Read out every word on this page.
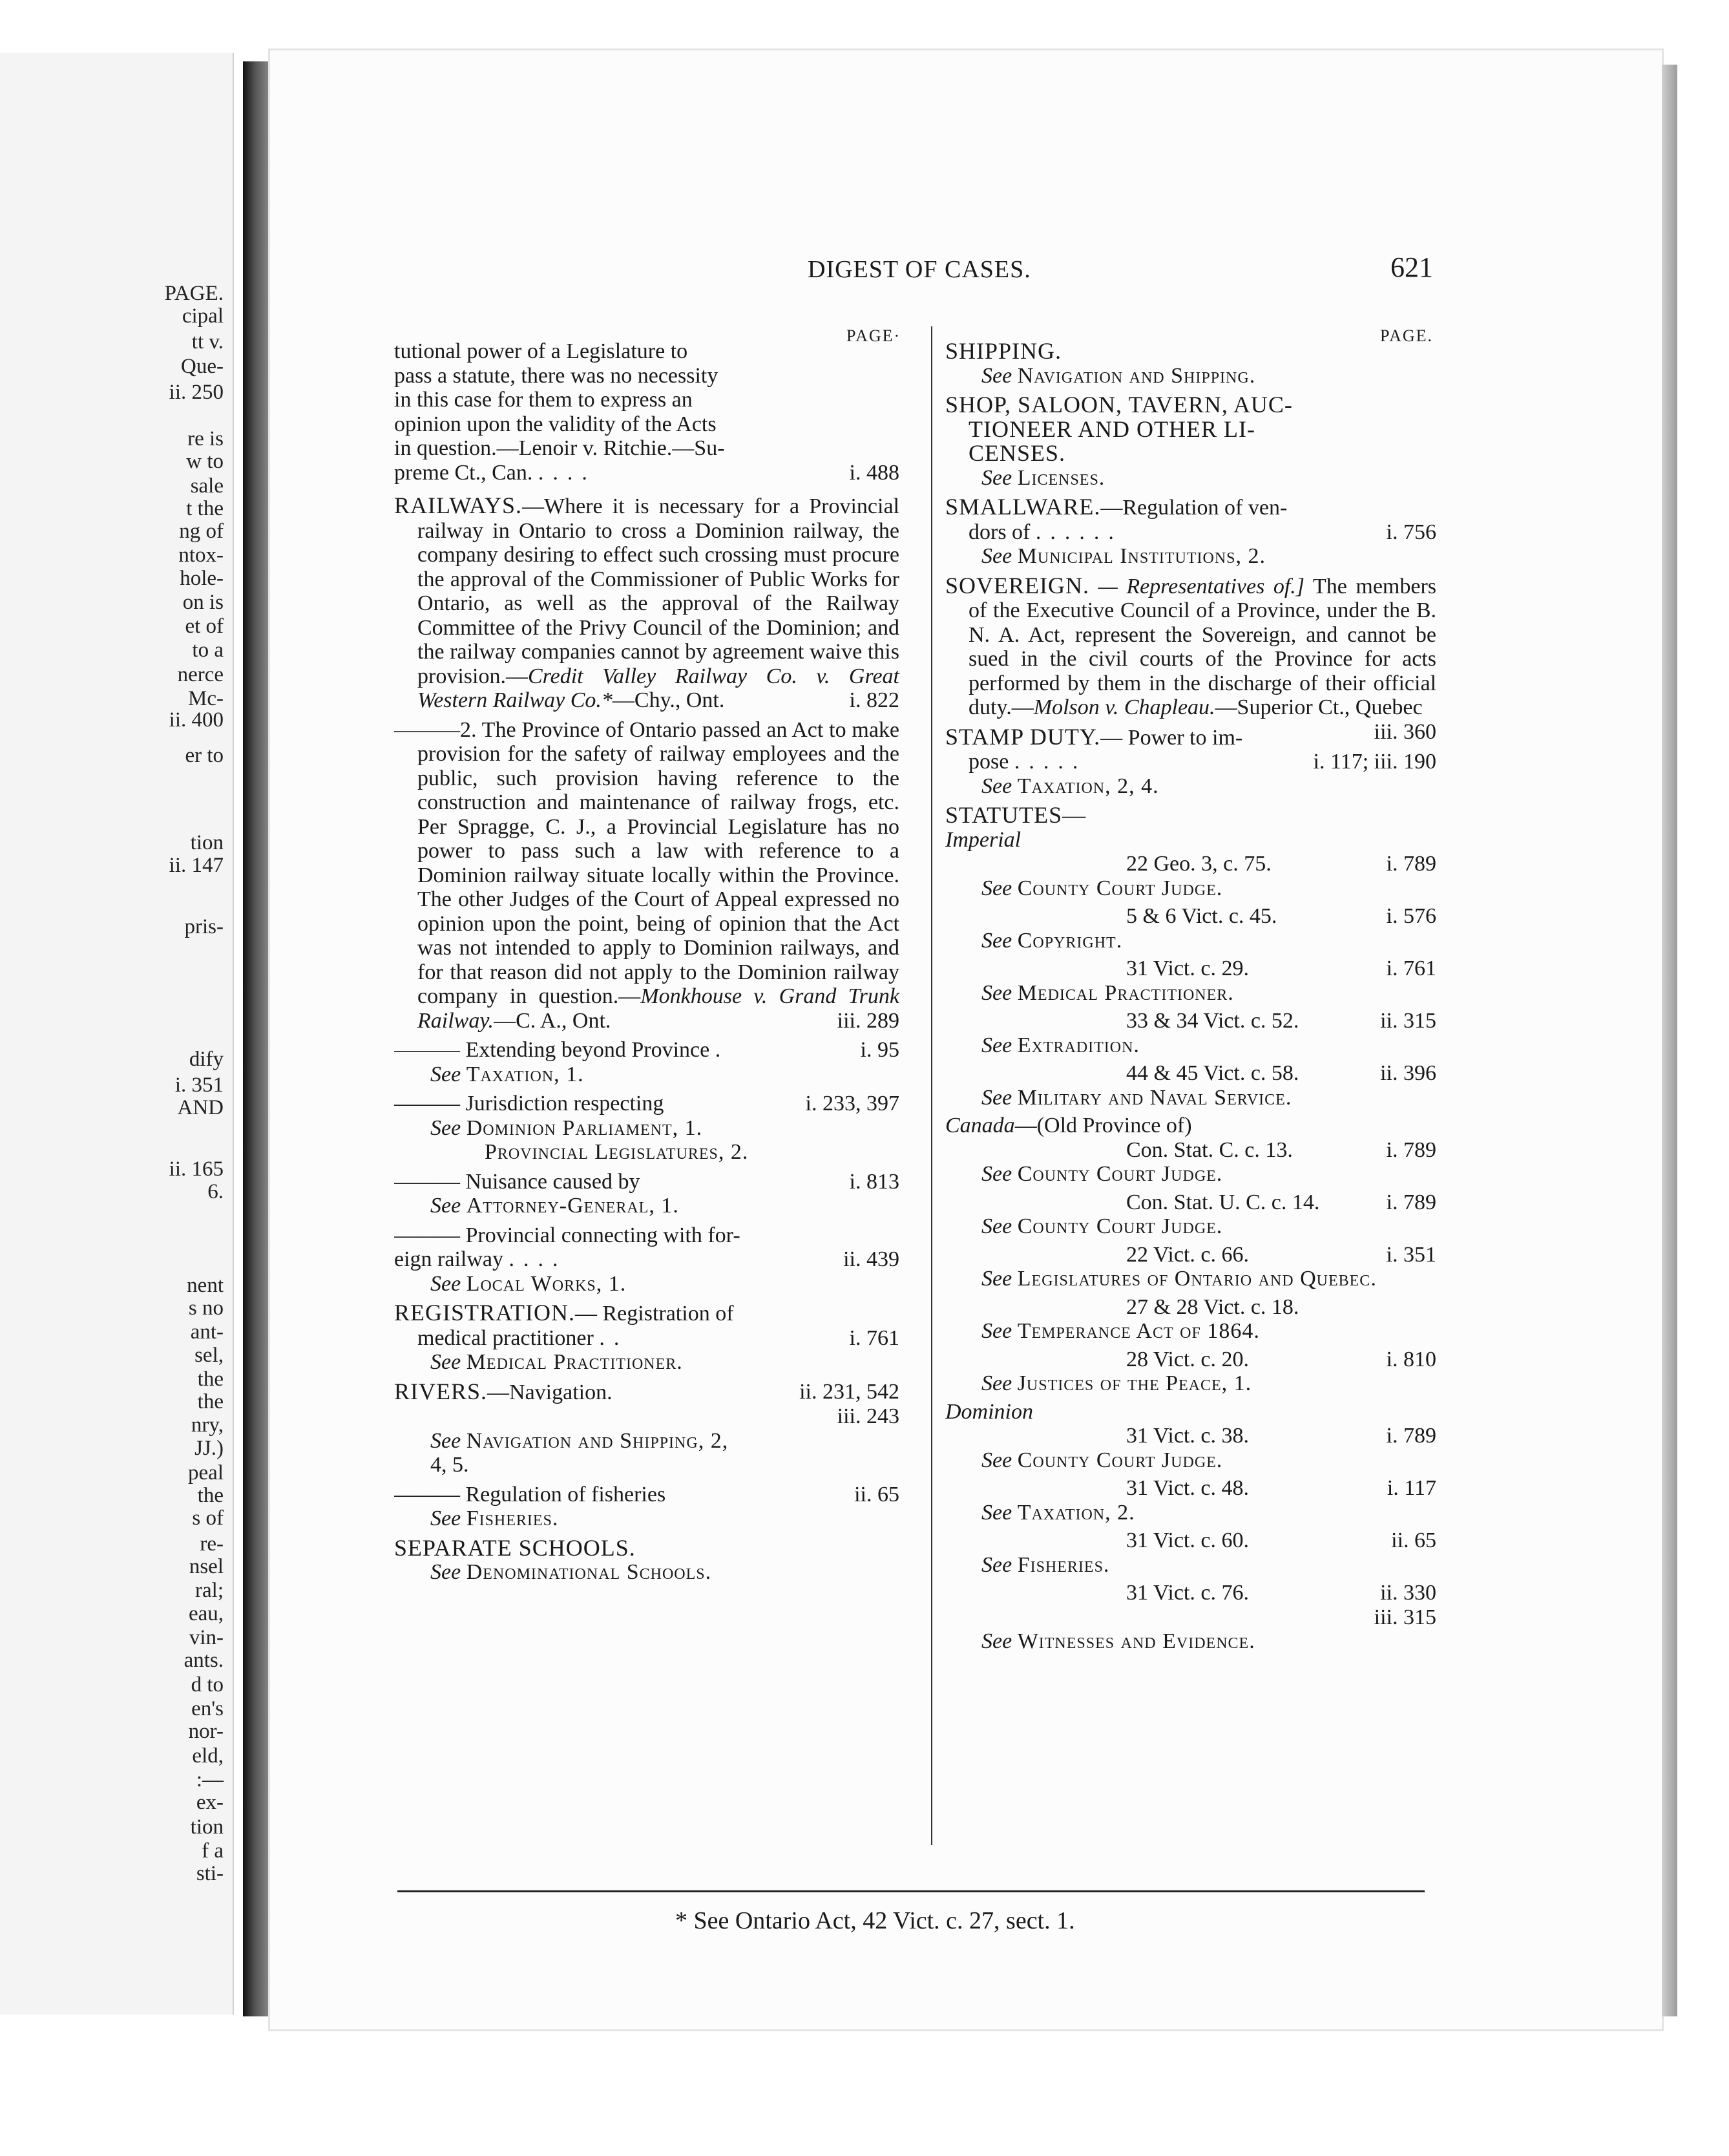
PAGE.
cipal
tt v.
Que-
ii. 250
re is
w to
sale
t the
ng of
ntox-
hole-
on is
et of
to a
nerce
Mc-
ii. 400
er to
tion
ii. 147
pris-
dify
i. 351
AND
ii. 165
6.
nent
s no
ant-
sel,
the
the
nry,
JJ.)
peal
the
s of
re-
nsel
ral;
eau,
vin-
ants.
d to
en's
nor-
eld,
:—
ex-
tion
f a
sti-
DIGEST OF CASES.	621
PAGE·	PAGE.
tutional power of a Legislature to
pass a statute, there was no necessity
in this case for them to express an
opinion upon the validity of the Acts
in question.—Lenoir v. Ritchie.—Su-
preme Ct., Can. ....	i. 488
RAILWAYS.—Where it is necessary for a Provincial railway in Ontario to cross a Dominion railway, the company desiring to effect such crossing must procure the approval of the Commissioner of Public Works for Ontario, as well as the approval of the Railway Committee of the Privy Council of the Dominion; and the railway companies cannot by agreement waive this provision.—Credit Valley Railway Co. v. Great Western Railway Co.*—Chy., Ont.	i. 822
———2. The Province of Ontario passed an Act to make provision for the safety of railway employees and the public, such provision having reference to the construction and maintenance of railway frogs, etc. Per Spragge, C. J., a Provincial Legislature has no power to pass such a law with reference to a Dominion railway situate locally within the Province. The other Judges of the Court of Appeal expressed no opinion upon the point, being of opinion that the Act was not intended to apply to Dominion railways, and for that reason did not apply to the Dominion railway company in question.—Monkhouse v. Grand Trunk Railway.—C. A., Ont.	iii. 289
——— Extending beyond Province .	i. 95
See Taxation, 1.
——— Jurisdiction respecting	i. 233, 397
See Dominion Parliament, 1.
Provincial Legislatures, 2.
——— Nuisance caused by	i. 813
See Attorney-General, 1.
——— Provincial connecting with for-
eign railway ....	ii. 439
See Local Works, 1.
REGISTRATION.— Registration of
medical practitioner ..	i. 761
See Medical Practitioner.
RIVERS.—Navigation.	ii. 231, 542
iii. 243
See Navigation and Shipping, 2,
4, 5.
——— Regulation of fisheries	ii. 65
See Fisheries.
SEPARATE SCHOOLS.
See Denominational Schools.
SHIPPING.
See Navigation and Shipping.
SHOP, SALOON, TAVERN, AUC-
TIONEER AND OTHER LI-
CENSES.
See Licenses.
SMALLWARE.—Regulation of ven-
dors of ......	i. 756
See Municipal Institutions, 2.
SOVEREIGN. — Representatives of.] The members of the Executive Council of a Province, under the B. N. A. Act, represent the Sovereign, and cannot be sued in the civil courts of the Province for acts performed by them in the discharge of their official duty.—Molson v. Chapleau.—Superior Ct., Quebec
iii. 360
STAMP DUTY.— Power to im-
pose .....	i. 117; iii. 190
See Taxation, 2, 4.
STATUTES—
Imperial
22 Geo. 3, c. 75.	i. 789
See County Court Judge.
5 & 6 Vict. c. 45.	i. 576
See Copyright.
31 Vict. c. 29.	i. 761
See Medical Practitioner.
33 & 34 Vict. c. 52.	ii. 315
See Extradition.
44 & 45 Vict. c. 58.	ii. 396
See Military and Naval Service.
Canada—(Old Province of)
Con. Stat. C. c. 13.	i. 789
See County Court Judge.
Con. Stat. U. C. c. 14.	i. 789
See County Court Judge.
22 Vict. c. 66.	i. 351
See Legislatures of Ontario and Quebec.
27 & 28 Vict. c. 18.
See Temperance Act of 1864.
28 Vict. c. 20.	i. 810
See Justices of the Peace, 1.
Dominion
31 Vict. c. 38.	i. 789
See County Court Judge.
31 Vict. c. 48.	i. 117
See Taxation, 2.
31 Vict. c. 60.	ii. 65
See Fisheries.
31 Vict. c. 76.	ii. 330
iii. 315
See Witnesses and Evidence.
* See Ontario Act, 42 Vict. c. 27, sect. 1.
